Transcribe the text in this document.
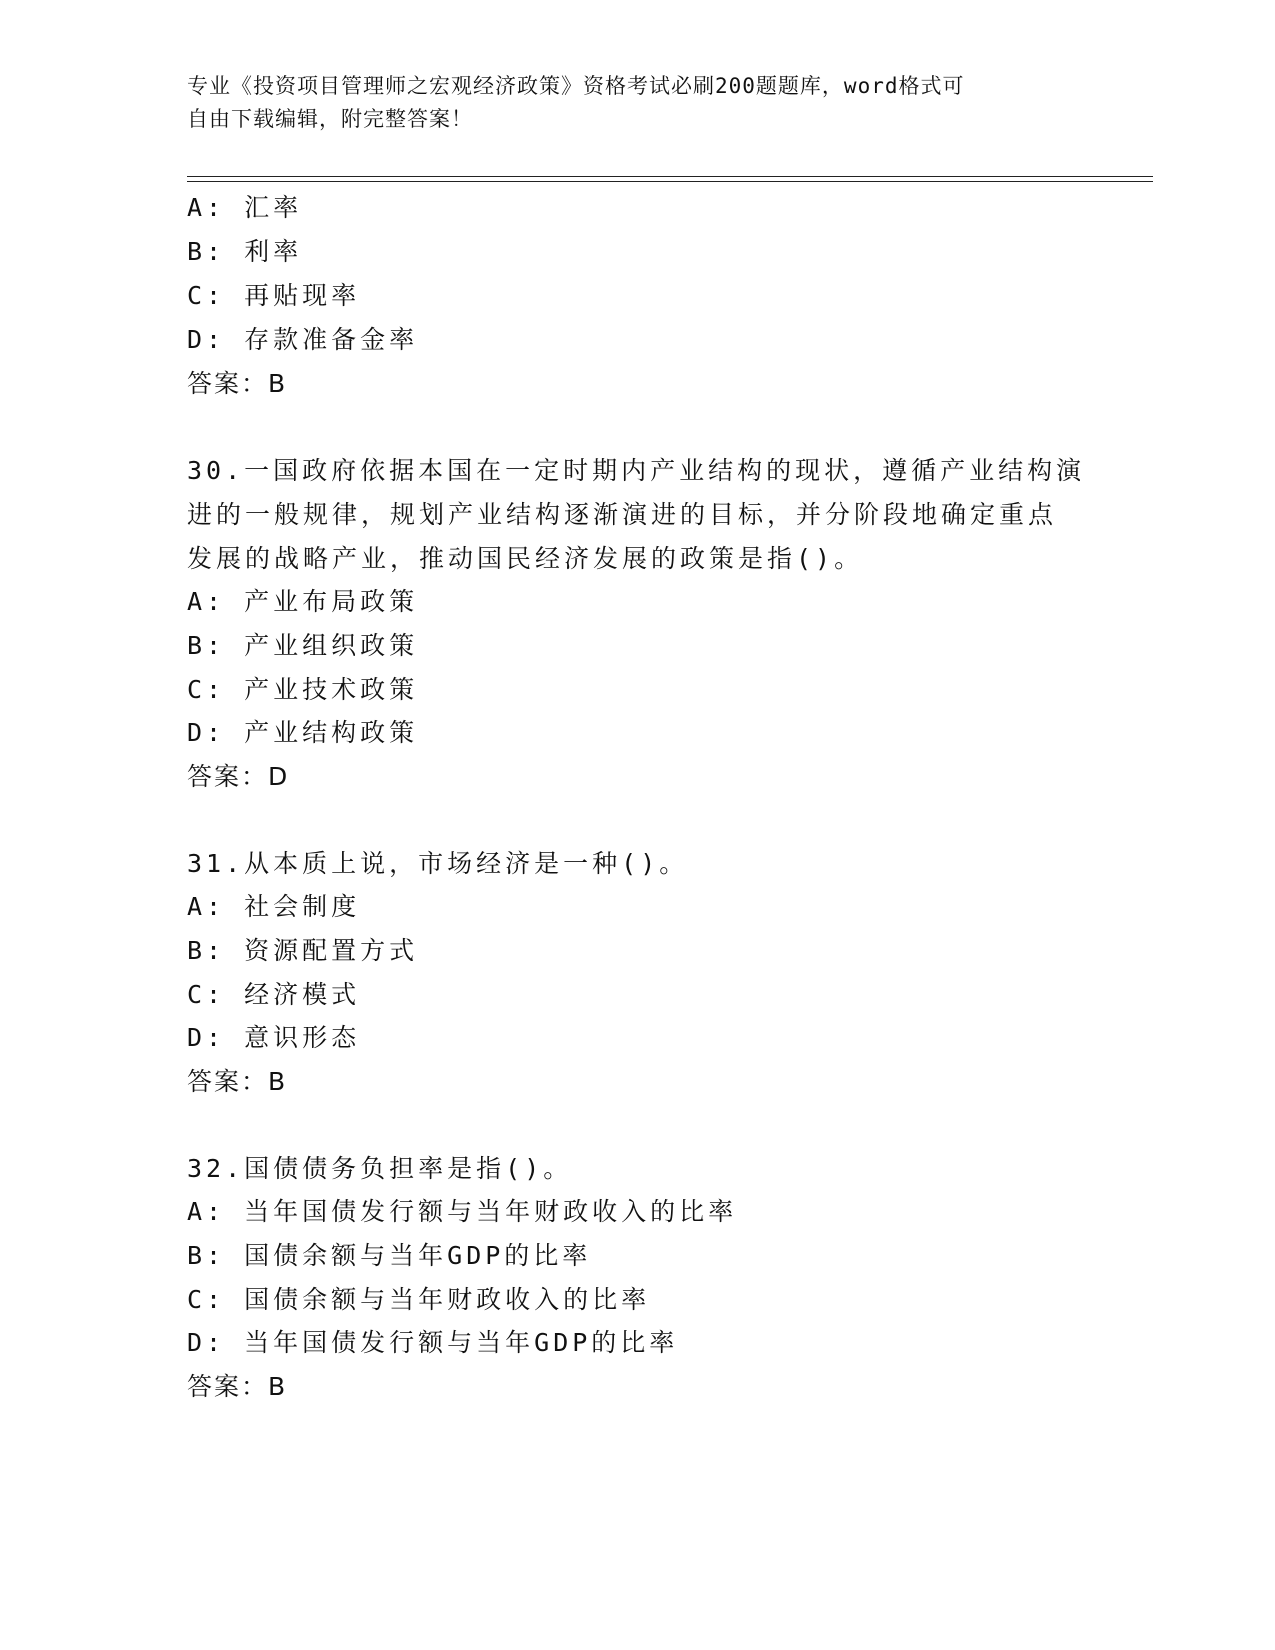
专业《投资项目管理师之宏观经济政策》资格考试必刷200题题库，word格式可
自由下载编辑，附完整答案！
A: 汇率
B: 利率
C: 再贴现率
D: 存款准备金率
答案：B
30.一国政府依据本国在一定时期内产业结构的现状，遵循产业结构演
进的一般规律，规划产业结构逐渐演进的目标，并分阶段地确定重点
发展的战略产业，推动国民经济发展的政策是指()。
A: 产业布局政策
B: 产业组织政策
C: 产业技术政策
D: 产业结构政策
答案：D
31.从本质上说，市场经济是一种()。
A: 社会制度
B: 资源配置方式
C: 经济模式
D: 意识形态
答案：B
32.国债债务负担率是指()。
A: 当年国债发行额与当年财政收入的比率
B: 国债余额与当年GDP的比率
C: 国债余额与当年财政收入的比率
D: 当年国债发行额与当年GDP的比率
答案：B
